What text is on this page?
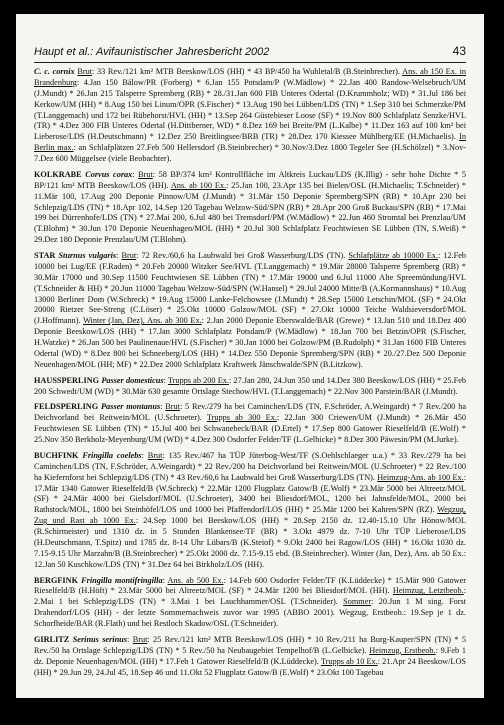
Haupt et al.: Avifaunistischer Jahresbericht 2002	43

C. c. cornix Brut: 33 Rev./121 km² MTB Beeskow/LOS (HH) * 43 BP/450 ha Wuhletal/B (B.Steinbrecher). Ans. ab 150 Ex. in Brandenburg: 4.Jan 150 Bälow/PR (Forberg) * 6.Jan 155 Potsdam/P (W.Mädlow) * 22.Jan 400 Randow-Welsebruch/UM (J.Mundt) * 26.Jan 215 Talsperre Spremberg (RB) * 28./31.Jan 600 FIB Unteres Odertal (D.Krummholz; WD) * 31.Jul 186 bei Kerkow/UM (HH) * 8.Aug 150 bei Linum/OPR (S.Fischer) * 13.Aug 190 bei Lübben/LDS (TN) * 1.Sep 310 bei Schmerzke/PM (T.Langgemach) und 172 bei Rübehorst/HVL (HH) * 13.Sep 264 Güstebieser Loose (SF) * 19.Nov 800 Schlafplatz Senzke/HVL (TR) * 4.Dez 300 FIB Unteres Odertal (H.Dittberner, WD) * 8.Dez 169 bei Breite/PM (L.Kalbe) * 11.Dez 163 auf 100 km² bei Lieberose/LDS (H.Deutschmann) * 12.Dez 250 Breitlingsee/BRB (TR) * 28.Dez 170 Kiessee Mühlberg/EE (H.Michaelis). In Berlin max.: an Schlafplätzen 27.Feb 500 Hellersdorf (B.Steinbrecher) * 30.Nov/3.Dez 1800 Tegeler See (H.Schölzel) * 3.Nov-7.Dez 600 Müggelsee (viele Beobachter).

KOLKRABE Corvus corax: Brut: 58 BP/374 km² Kontrollfläche im Altkreis Luckau/LDS (K.Illig) - sehr hohe Dichte * 5 BP/121 km² MTB Beeskow/LOS (HH). Ans. ab 100 Ex.: 25.Jan 100, 23.Apr 135 bei Bielen/OSL (H.Michaelis; T.Schneider) * 11.Mär 100, 17.Aug 200 Deponie Pinnow/UM (J.Mundt) * 31.Mär 150 Deponie Spremberg/SPN (RB) * 10.Apr 230 bei Schlepzig/LDS (TN) * 18.Apr 102, 14.Sep 120 Tagebau Welzow-Süd/SPN (RB) * 28.Apr 200 Groß Buckau/SPN (RB) * 17.Mai 199 bei Dürrenhofe/LDS (TN) * 27.Mai 200, 6.Jul 480 bei Tremsdorf/PM (W.Mädlow) * 22.Jun 460 Stromtal bei Prenzlau/UM (T.Blohm) * 30.Jun 170 Deponie Neuenhagen/MOL (HH) * 20.Jul 300 Schlafplatz Feuchtwiesen SE Lübben (TN, S.Weiß) * 29.Dez 180 Deponie Prenzlau/UM (T.Blohm).

STAR Sturnus vulgaris: Brut: 72 Rev./60,6 ha Laubwald bei Groß Wasserburg/LDS (TN). Schlafplätze ab 10000 Ex.: 12.Feb 10000 bei Lug/EE (F.Raden) * 20.Feb 20000 Witzker See/HVL (T.Langgemach) * 19.Mär 28000 Talsperre Spremberg (RB) * 30.Mär 17000 und 30.Sep 11500 Feuchtwiesen SE Lübben (TN) * 17.Mär 19000 und 6.Jul 11000 Alte Spreemündung/HVL (T.Schneider & HH) * 20.Jun 11000 Tagebau Welzow-Süd/SPN (W.Hansel) * 29.Jul 24000 Mitte/B (A.Kormannshaus) * 10.Aug 13000 Berliner Dom (W.Schreck) * 19.Aug 15000 Lanke-Felchowsee (J.Mundt) * 28.Sep 15000 Letschin/MOL (SF) * 24.Okt 20000 Rietzer See-Streng (C.Löser) * 25.Okt 10000 Golzow/MOL (SF) * 27.Okt 10000 Teiche Waldsieversdorf/MOL (J.Hoffmann). Winter (Jan, Dez), Ans. ab 300 Ex.: 2.Jan 2000 Deponie Eberswalde/BAR (Grewe) * 13.Jan 510 und 18.Dez 400 Deponie Beeskow/LOS (HH) * 17.Jan 3000 Schlafplatz Potsdam/P (W.Mädlow) * 18.Jan 700 bei Betzin/OPR (S.Fischer, H.Watzke) * 26.Jan 500 bei Paulinenaue/HVL (S.Fischer) * 30.Jan 1000 bei Golzow/PM (B.Rudolph) * 31.Jan 1600 FIB Unteres Odertal (WD) * 8.Dez 800 bei Schneeberg/LOS (HH) * 14.Dez 550 Deponie Spremberg/SPN (RB) * 20./27.Dez 500 Deponie Neuenhagen/MOL (HH; MF) * 22.Dez 2000 Schlafplatz Kraftwerk Jänschwalde/SPN (B.Litzkow).

HAUSSPERLING Passer domesticus: Trupps ab 200 Ex.: 27.Jan 280, 24.Jun 350 und 14.Dez 380 Beeskow/LOS (HH) * 25.Feb 200 Schwedt/UM (WD) * 30.Mär 630 gesamte Ortslage Stechow/HVL (T.Langgemach) * 22.Nov 300 Parstein/BAR (J.Mundt).

FELDSPERLING Passer montanus: Brut: 5 Rev./279 ha bei Caminchen/LDS (TN, F.Schröder, A.Weingardt) * 7 Rev./200 ha Deichvorland bei Reitwein/MOL (U.Schroeter). Trupps ab 300 Ex.: 22.Jan 300 Criewen/UM (J.Mundt) * 26.Mär 450 Feuchtwiesen SE Lübben (TN) * 15.Jul 400 bei Schwanebeck/BAR (D.Ertel) * 17.Sep 800 Gatower Rieselfeld/B (E.Wolf) * 25.Nov 350 Berkholz-Meyenburg/UM (WD) * 4.Dez 300 Osdorfer Felder/TF (L.Gelbicke) * 8.Dez 300 Päwesin/PM (M.Jurke).

BUCHFINK Fringilla coelebs: Brut: 135 Rev./467 ha TÜP Jüterbog-West/TF (S.Oehlschlaeger u.a.) * 33 Rev./279 ha bei Caminchen/LDS (TN, F.Schröder, A.Weingardt) * 22 Rev./200 ha Deichvorland bei Reitwein/MOL (U.Schroeter) * 22 Rev./100 ha Kiefernforst bei Schlepzig/LDS (TN) * 43 Rev./60,6 ha Laubwald bei Groß Wasserburg/LDS (TN). Heimzug-Ans. ab 100 Ex.: 17.Mär 1340 Gatower Rieselfeld/B (W.Schreck) * 22.Mär 1200 Flugplatz Gatow/B (E.Wolf) * 23.Mär 5000 bei Altreetz/MOL (SF) * 24.Mär 4000 bei Gielsdorf/MOL (U.Schroeter), 3400 bei Bliesdorf/MOL, 1200 bei Jahnsfelde/MOL, 2000 bei Rathstock/MOL, 1800 bei Steinhöfel/LOS und 1000 bei Pfaffendorf/LOS (HH) * 25.Mär 1200 bei Kahren/SPN (RZ). Wegzug, Zug und Rast ab 1000 Ex.: 24.Sep 1000 bei Beeskow/LOS (HH) * 28.Sep 2150 dz. 12.40-15.10 Uhr Hönow/MOL (R.Schirmeister) und 1310 dz. in 5 Stunden Blankensee/TF (BR) * 3.Okt 4979 dz. 7-10 Uhr TÜP Lieberose/LDS (H.Deutschmann, T.Spitz) und 1785 dz. 8-14 Uhr Lübars/B (K.Steiof) * 9.Okt 2400 bei Ragow/LOS (HH) * 16.Okt 1030 dz. 7.15-9.15 Uhr Marzahn/B (B.Steinbrecher) * 25.Okt 2000 dz. 7.15-9.15 ebd. (B.Steinbrecher). Winter (Jan, Dez), Ans. ab 50 Ex.: 12.Jan 50 Kuschkow/LDS (TN) * 31.Dez 64 bei Birkholz/LOS (HH).

BERGFINK Fringilla montifringilla: Ans. ab 500 Ex.: 14.Feb 600 Osdorfer Felder/TF (K.Lüddecke) * 15.Mär 900 Gatower Rieselfeld/B (H.Höft) * 23.Mär 5000 bei Altreetz/MOL (SF) * 24.Mär 1200 bei Bliesdorf/MOL (HH). Heimzug, Letztbeob.: 2.Mai 1 bei Schlepzig/LDS (TN) * 3.Mai 1 bei Lauchhammer/OSL (T.Schneider). Sommer: 20.Jun 1 M sing. Forst Drahendorf/LOS (HH) - der letzte Sommernachweis zuvor war 1995 (ABBO 2001). Wegzug, Erstbeob.: 19.Sep je 1 dz. Schorfheide/BAR (R.Flath) und bei Restloch Skadow/OSL (T.Schneider).

GIRLITZ Serinus serinus: Brut: 25 Rev./121 km² MTB Beeskow/LOS (HH) * 10 Rev./211 ha Burg-Kauper/SPN (TN) * 5 Rev./50 ha Ortslage Schlepzig/LDS (TN) * 5 Rev./50 ha Neubaugebiet Tempelhof/B (L.Gelbicke). Heimzug, Erstbeob.: 9.Feb 1 dz. Deponie Neuenhagen/MOL (HH) * 17.Feb 1 Gatower Rieselfeld/B (K.Lüddecke). Trupps ab 10 Ex.: 21.Apr 24 Beeskow/LOS (HH) * 29.Jun 29, 24.Jul 45, 18.Sep 46 und 11.Okt 52 Flugplatz Gatow/B (E.Wolf) * 23.Okt 100 Tagebau
